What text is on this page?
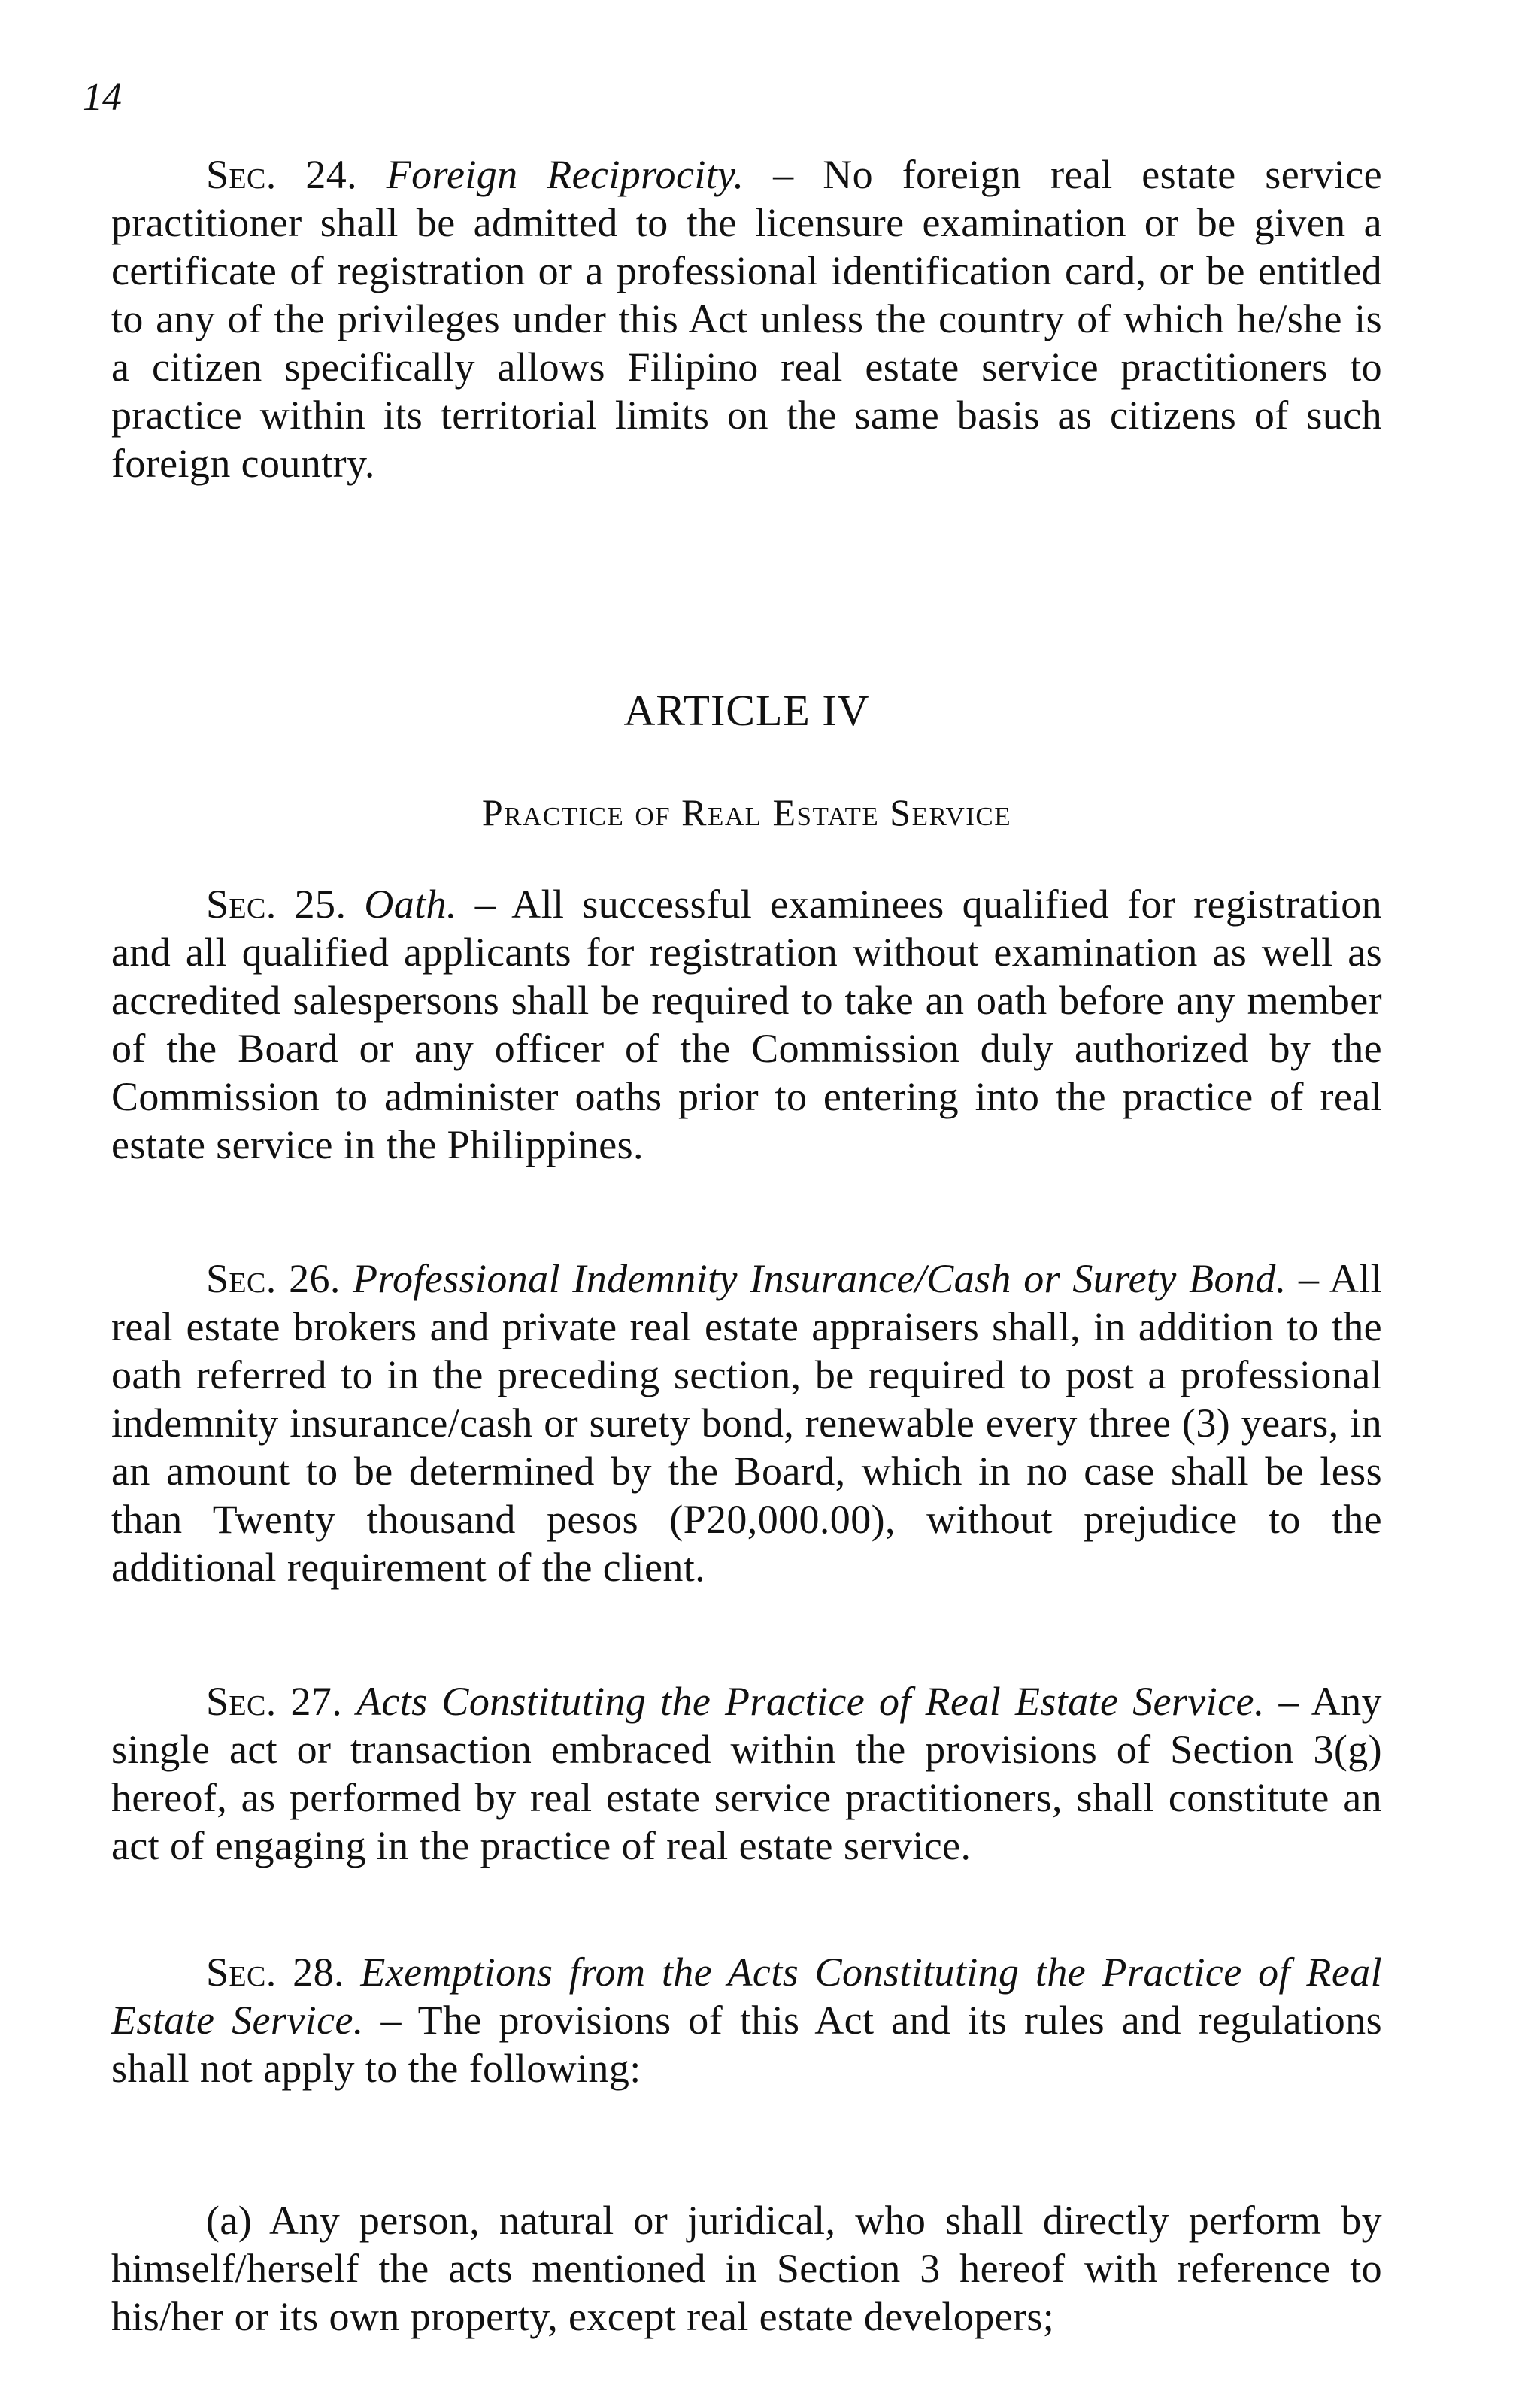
14

Sec. 24. Foreign Reciprocity. – No foreign real estate service practitioner shall be admitted to the licensure examination or be given a certificate of registration or a professional identification card, or be entitled to any of the privileges under this Act unless the country of which he/she is a citizen specifically allows Filipino real estate service practitioners to practice within its territorial limits on the same basis as citizens of such foreign country.

ARTICLE IV

Practice of Real Estate Service

Sec. 25. Oath. – All successful examinees qualified for registration and all qualified applicants for registration without examination as well as accredited salespersons shall be required to take an oath before any member of the Board or any officer of the Commission duly authorized by the Commission to administer oaths prior to entering into the practice of real estate service in the Philippines.

Sec. 26. Professional Indemnity Insurance/Cash or Surety Bond. – All real estate brokers and private real estate appraisers shall, in addition to the oath referred to in the preceding section, be required to post a professional indemnity insurance/cash or surety bond, renewable every three (3) years, in an amount to be determined by the Board, which in no case shall be less than Twenty thousand pesos (P20,000.00), without prejudice to the additional requirement of the client.

Sec. 27. Acts Constituting the Practice of Real Estate Service. – Any single act or transaction embraced within the provisions of Section 3(g) hereof, as performed by real estate service practitioners, shall constitute an act of engaging in the practice of real estate service.

Sec. 28. Exemptions from the Acts Constituting the Practice of Real Estate Service. – The provisions of this Act and its rules and regulations shall not apply to the following:

(a) Any person, natural or juridical, who shall directly perform by himself/herself the acts mentioned in Section 3 hereof with reference to his/her or its own property, except real estate developers;
